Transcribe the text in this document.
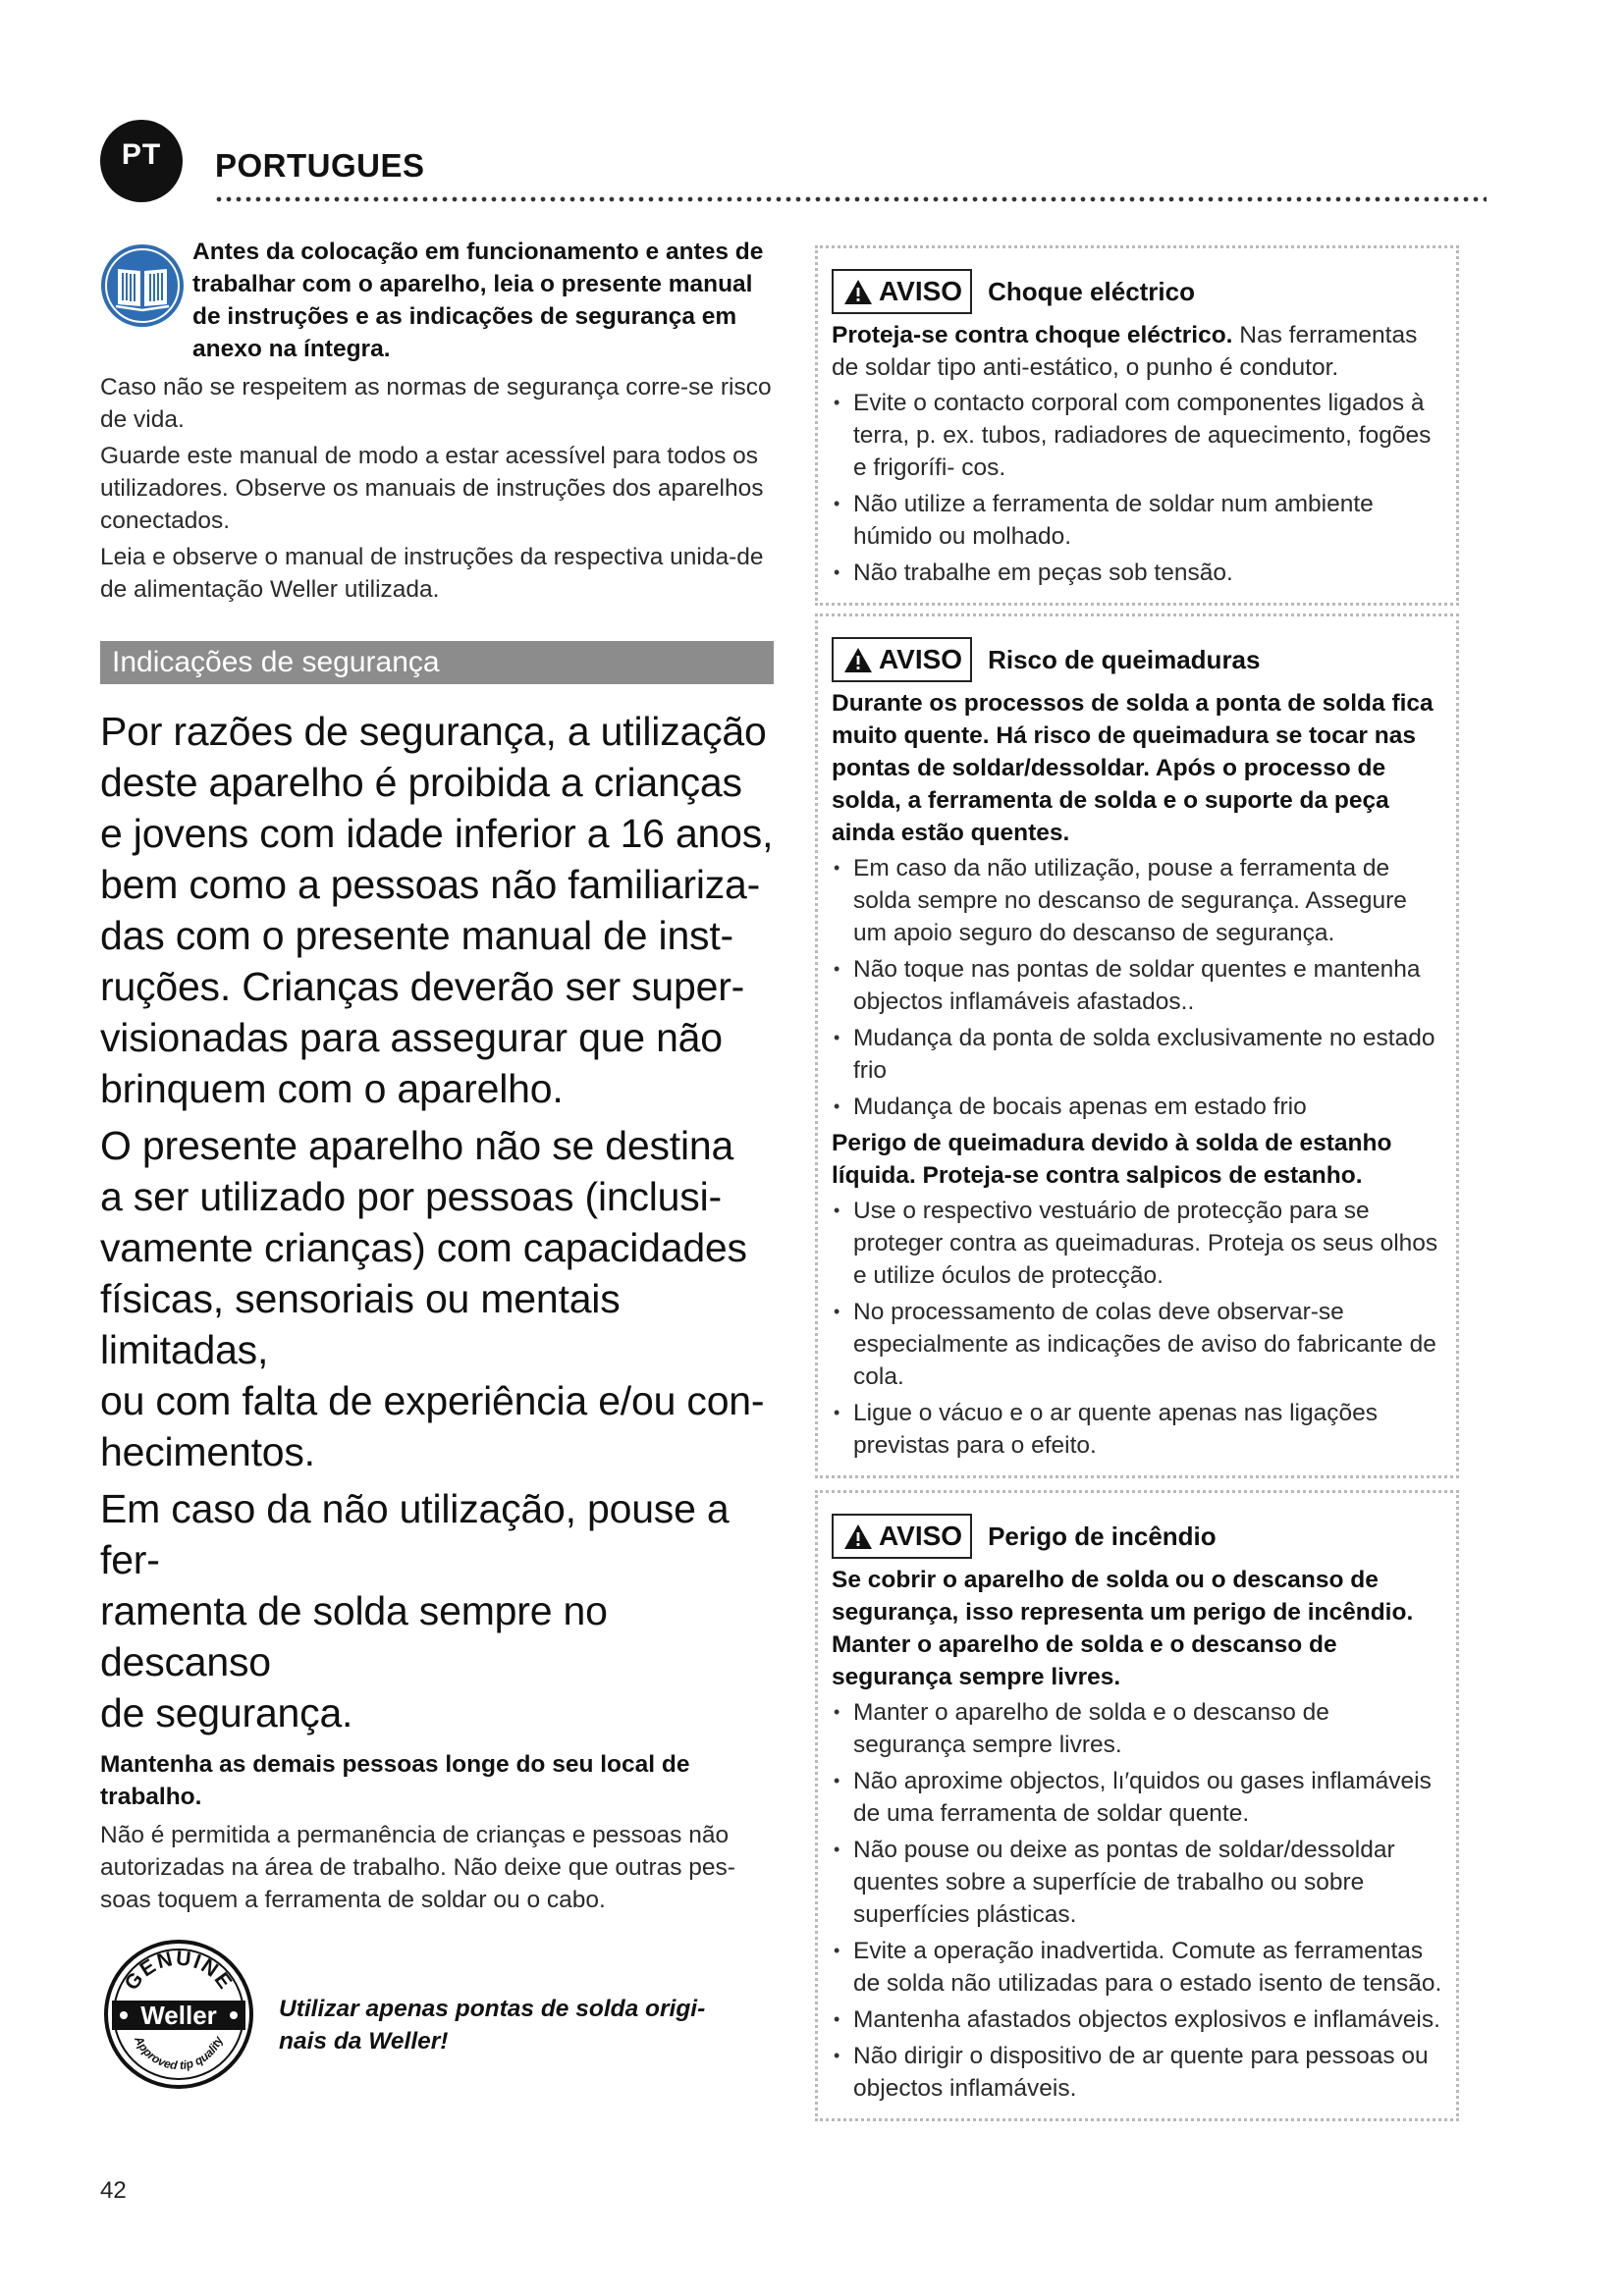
PT	PORTUGUES
Antes da colocação em funcionamento e antes de trabalhar com o aparelho, leia o presente manual de instruções e as indicações de segurança em anexo na íntegra.

Caso não se respeitem as normas de segurança corre-se risco de vida.

Guarde este manual de modo a estar acessível para todos os utilizadores. Observe os manuais de instruções dos aparelhos conectados.

Leia e observe o manual de instruções da respectiva unida-de de alimentação Weller utilizada.

Indicações de segurança

Por razões de segurança, a utilização
deste aparelho é proibida a crianças
e jovens com idade inferior a 16 anos,
bem como a pessoas não familiariza-
das com o presente manual de inst-
ruções. Crianças deverão ser super-
visionadas para assegurar que não
brinquem com o aparelho.

O presente aparelho não se destina
a ser utilizado por pessoas (inclusi-
vamente crianças) com capacidades
físicas, sensoriais ou mentais limitadas,
ou com falta de experiência e/ou con-
hecimentos.

Em caso da não utilização, pouse a fer-
ramenta de solda sempre no descanso
de segurança.

Mantenha as demais pessoas longe do seu local de trabalho.
Não é permitida a permanência de crianças e pessoas não autorizadas na área de trabalho. Não deixe que outras pes-soas toquem a ferramenta de soldar ou o cabo.
GENUINE
Approved tip quality
Weller	Utilizar apenas pontas de solda origi-nais da Weller!
42
AVISO Choque eléctrico

Proteja-se contra choque eléctrico. Nas ferramentas de soldar tipo anti-estático, o punho é condutor.

• Evite o contacto corporal com componentes ligados à terra, p. ex. tubos, radiadores de aquecimento, fogões e frigorífi- cos.
• Não utilize a ferramenta de soldar num ambiente húmido ou molhado.
• Não trabalhe em peças sob tensão.
AVISO Risco de queimaduras

Durante os processos de solda a ponta de solda fica muito quente. Há risco de queimadura se tocar nas pontas de soldar/dessoldar. Após o processo de solda, a ferramenta de solda e o suporte da peça ainda estão quentes.

• Em caso da não utilização, pouse a ferramenta de solda sempre no descanso de segurança. Assegure um apoio seguro do descanso de segurança.
• Não toque nas pontas de soldar quentes e mantenha objectos inflamáveis afastados..
• Mudança da ponta de solda exclusivamente no estado frio
• Mudança de bocais apenas em estado frio

Perigo de queimadura devido à solda de estanho líquida. Proteja-se contra salpicos de estanho.

• Use o respectivo vestuário de protecção para se proteger contra as queimaduras. Proteja os seus olhos e utilize óculos de protecção.
• No processamento de colas deve observar-se especialmente as indicações de aviso do fabricante de cola.
• Ligue o vácuo e o ar quente apenas nas ligações previstas para o efeito.
AVISO Perigo de incêndio

Se cobrir o aparelho de solda ou o descanso de segurança, isso representa um perigo de incêndio. Manter o aparelho de solda e o descanso de segurança sempre livres.

• Manter o aparelho de solda e o descanso de segurança sempre livres.
• Não aproxime objectos, lı′quidos ou gases inflamáveis de uma ferramenta de soldar quente.
• Não pouse ou deixe as pontas de soldar/dessoldar quentes sobre a superfície de trabalho ou sobre superfícies plásticas.
• Evite a operação inadvertida. Comute as ferramentas de solda não utilizadas para o estado isento de tensão.
• Mantenha afastados objectos explosivos e inflamáveis.
• Não dirigir o dispositivo de ar quente para pessoas ou objectos inflamáveis.
